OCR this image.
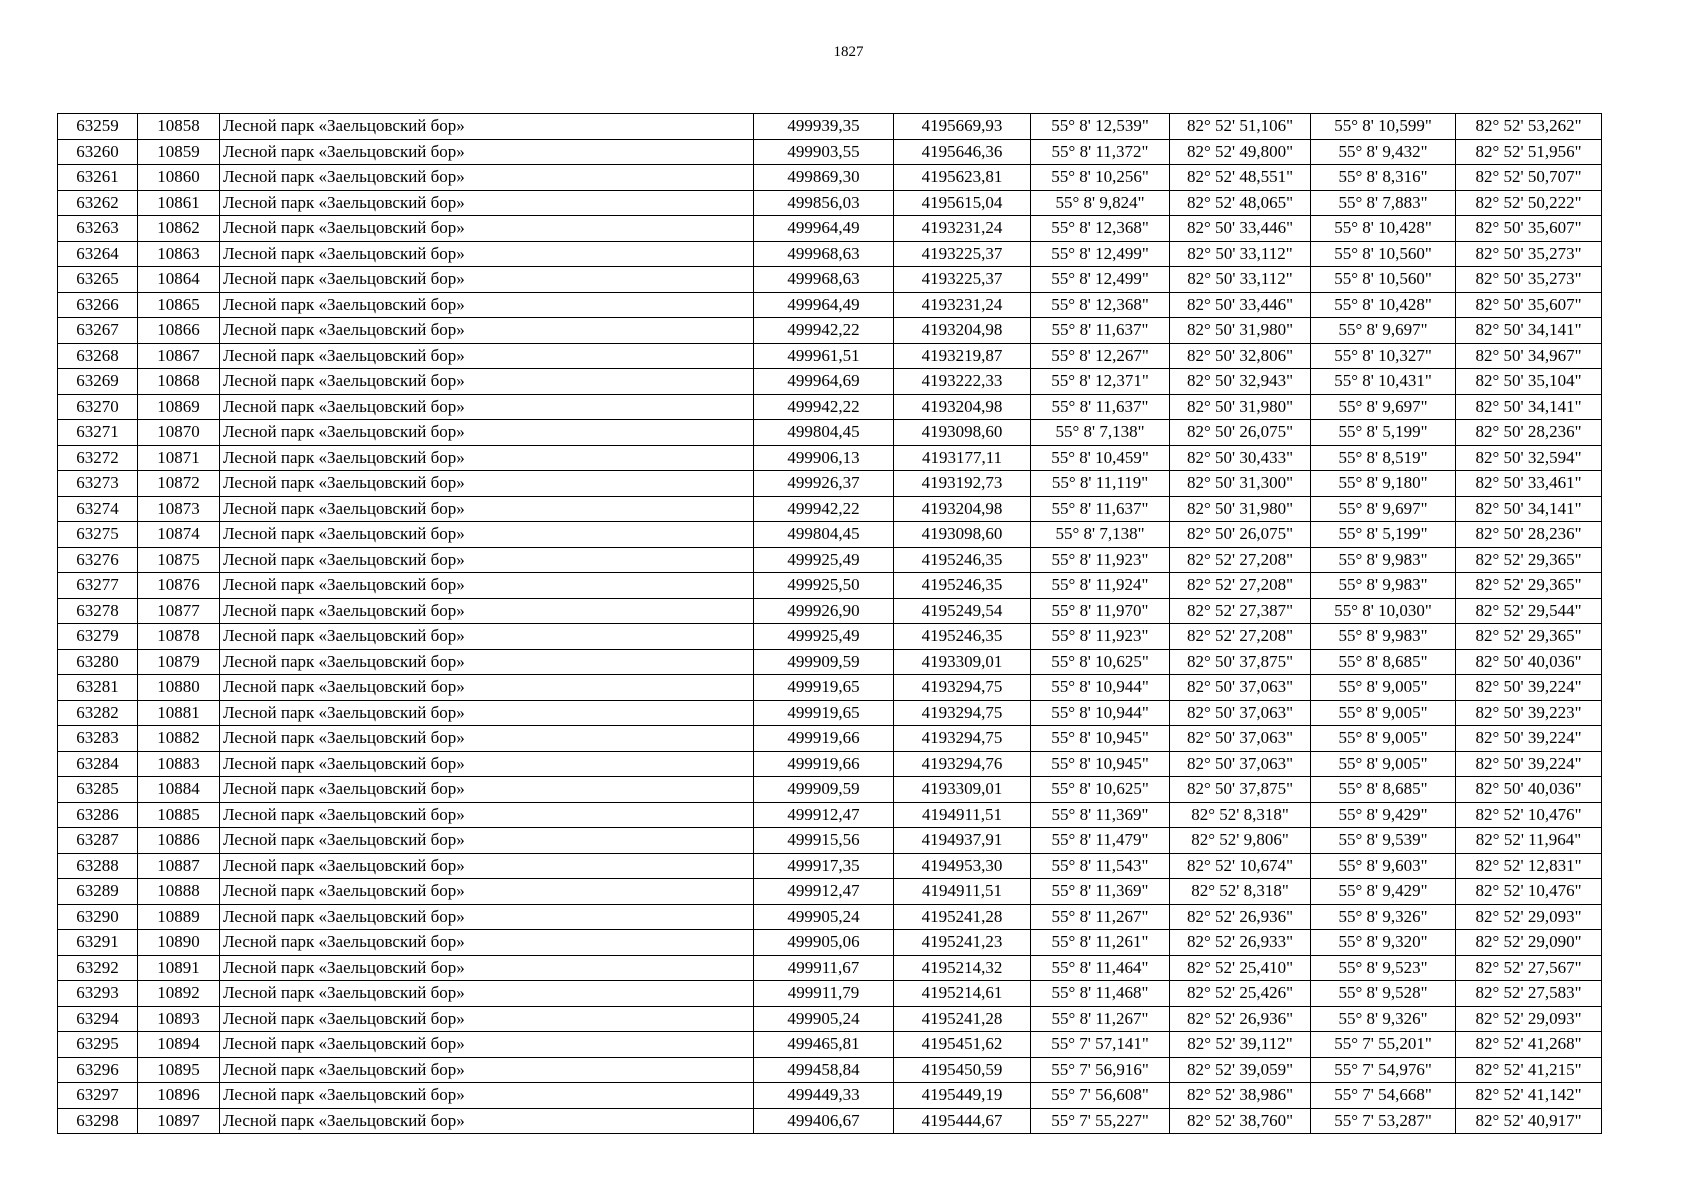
1827
63259	10858	Лесной парк «Заельцовский бор»	499939,35	4195669,93	55° 8' 12,539"	82° 52' 51,106"	55° 8' 10,599"	82° 52' 53,262"
63260	10859	Лесной парк «Заельцовский бор»	499903,55	4195646,36	55° 8' 11,372"	82° 52' 49,800"	55° 8' 9,432"	82° 52' 51,956"
63261	10860	Лесной парк «Заельцовский бор»	499869,30	4195623,81	55° 8' 10,256"	82° 52' 48,551"	55° 8' 8,316"	82° 52' 50,707"
63262	10861	Лесной парк «Заельцовский бор»	499856,03	4195615,04	55° 8' 9,824"	82° 52' 48,065"	55° 8' 7,883"	82° 52' 50,222"
63263	10862	Лесной парк «Заельцовский бор»	499964,49	4193231,24	55° 8' 12,368"	82° 50' 33,446"	55° 8' 10,428"	82° 50' 35,607"
63264	10863	Лесной парк «Заельцовский бор»	499968,63	4193225,37	55° 8' 12,499"	82° 50' 33,112"	55° 8' 10,560"	82° 50' 35,273"
63265	10864	Лесной парк «Заельцовский бор»	499968,63	4193225,37	55° 8' 12,499"	82° 50' 33,112"	55° 8' 10,560"	82° 50' 35,273"
63266	10865	Лесной парк «Заельцовский бор»	499964,49	4193231,24	55° 8' 12,368"	82° 50' 33,446"	55° 8' 10,428"	82° 50' 35,607"
63267	10866	Лесной парк «Заельцовский бор»	499942,22	4193204,98	55° 8' 11,637"	82° 50' 31,980"	55° 8' 9,697"	82° 50' 34,141"
63268	10867	Лесной парк «Заельцовский бор»	499961,51	4193219,87	55° 8' 12,267"	82° 50' 32,806"	55° 8' 10,327"	82° 50' 34,967"
63269	10868	Лесной парк «Заельцовский бор»	499964,69	4193222,33	55° 8' 12,371"	82° 50' 32,943"	55° 8' 10,431"	82° 50' 35,104"
63270	10869	Лесной парк «Заельцовский бор»	499942,22	4193204,98	55° 8' 11,637"	82° 50' 31,980"	55° 8' 9,697"	82° 50' 34,141"
63271	10870	Лесной парк «Заельцовский бор»	499804,45	4193098,60	55° 8' 7,138"	82° 50' 26,075"	55° 8' 5,199"	82° 50' 28,236"
63272	10871	Лесной парк «Заельцовский бор»	499906,13	4193177,11	55° 8' 10,459"	82° 50' 30,433"	55° 8' 8,519"	82° 50' 32,594"
63273	10872	Лесной парк «Заельцовский бор»	499926,37	4193192,73	55° 8' 11,119"	82° 50' 31,300"	55° 8' 9,180"	82° 50' 33,461"
63274	10873	Лесной парк «Заельцовский бор»	499942,22	4193204,98	55° 8' 11,637"	82° 50' 31,980"	55° 8' 9,697"	82° 50' 34,141"
63275	10874	Лесной парк «Заельцовский бор»	499804,45	4193098,60	55° 8' 7,138"	82° 50' 26,075"	55° 8' 5,199"	82° 50' 28,236"
63276	10875	Лесной парк «Заельцовский бор»	499925,49	4195246,35	55° 8' 11,923"	82° 52' 27,208"	55° 8' 9,983"	82° 52' 29,365"
63277	10876	Лесной парк «Заельцовский бор»	499925,50	4195246,35	55° 8' 11,924"	82° 52' 27,208"	55° 8' 9,983"	82° 52' 29,365"
63278	10877	Лесной парк «Заельцовский бор»	499926,90	4195249,54	55° 8' 11,970"	82° 52' 27,387"	55° 8' 10,030"	82° 52' 29,544"
63279	10878	Лесной парк «Заельцовский бор»	499925,49	4195246,35	55° 8' 11,923"	82° 52' 27,208"	55° 8' 9,983"	82° 52' 29,365"
63280	10879	Лесной парк «Заельцовский бор»	499909,59	4193309,01	55° 8' 10,625"	82° 50' 37,875"	55° 8' 8,685"	82° 50' 40,036"
63281	10880	Лесной парк «Заельцовский бор»	499919,65	4193294,75	55° 8' 10,944"	82° 50' 37,063"	55° 8' 9,005"	82° 50' 39,224"
63282	10881	Лесной парк «Заельцовский бор»	499919,65	4193294,75	55° 8' 10,944"	82° 50' 37,063"	55° 8' 9,005"	82° 50' 39,223"
63283	10882	Лесной парк «Заельцовский бор»	499919,66	4193294,75	55° 8' 10,945"	82° 50' 37,063"	55° 8' 9,005"	82° 50' 39,224"
63284	10883	Лесной парк «Заельцовский бор»	499919,66	4193294,76	55° 8' 10,945"	82° 50' 37,063"	55° 8' 9,005"	82° 50' 39,224"
63285	10884	Лесной парк «Заельцовский бор»	499909,59	4193309,01	55° 8' 10,625"	82° 50' 37,875"	55° 8' 8,685"	82° 50' 40,036"
63286	10885	Лесной парк «Заельцовский бор»	499912,47	4194911,51	55° 8' 11,369"	82° 52' 8,318"	55° 8' 9,429"	82° 52' 10,476"
63287	10886	Лесной парк «Заельцовский бор»	499915,56	4194937,91	55° 8' 11,479"	82° 52' 9,806"	55° 8' 9,539"	82° 52' 11,964"
63288	10887	Лесной парк «Заельцовский бор»	499917,35	4194953,30	55° 8' 11,543"	82° 52' 10,674"	55° 8' 9,603"	82° 52' 12,831"
63289	10888	Лесной парк «Заельцовский бор»	499912,47	4194911,51	55° 8' 11,369"	82° 52' 8,318"	55° 8' 9,429"	82° 52' 10,476"
63290	10889	Лесной парк «Заельцовский бор»	499905,24	4195241,28	55° 8' 11,267"	82° 52' 26,936"	55° 8' 9,326"	82° 52' 29,093"
63291	10890	Лесной парк «Заельцовский бор»	499905,06	4195241,23	55° 8' 11,261"	82° 52' 26,933"	55° 8' 9,320"	82° 52' 29,090"
63292	10891	Лесной парк «Заельцовский бор»	499911,67	4195214,32	55° 8' 11,464"	82° 52' 25,410"	55° 8' 9,523"	82° 52' 27,567"
63293	10892	Лесной парк «Заельцовский бор»	499911,79	4195214,61	55° 8' 11,468"	82° 52' 25,426"	55° 8' 9,528"	82° 52' 27,583"
63294	10893	Лесной парк «Заельцовский бор»	499905,24	4195241,28	55° 8' 11,267"	82° 52' 26,936"	55° 8' 9,326"	82° 52' 29,093"
63295	10894	Лесной парк «Заельцовский бор»	499465,81	4195451,62	55° 7' 57,141"	82° 52' 39,112"	55° 7' 55,201"	82° 52' 41,268"
63296	10895	Лесной парк «Заельцовский бор»	499458,84	4195450,59	55° 7' 56,916"	82° 52' 39,059"	55° 7' 54,976"	82° 52' 41,215"
63297	10896	Лесной парк «Заельцовский бор»	499449,33	4195449,19	55° 7' 56,608"	82° 52' 38,986"	55° 7' 54,668"	82° 52' 41,142"
63298	10897	Лесной парк «Заельцовский бор»	499406,67	4195444,67	55° 7' 55,227"	82° 52' 38,760"	55° 7' 53,287"	82° 52' 40,917"
